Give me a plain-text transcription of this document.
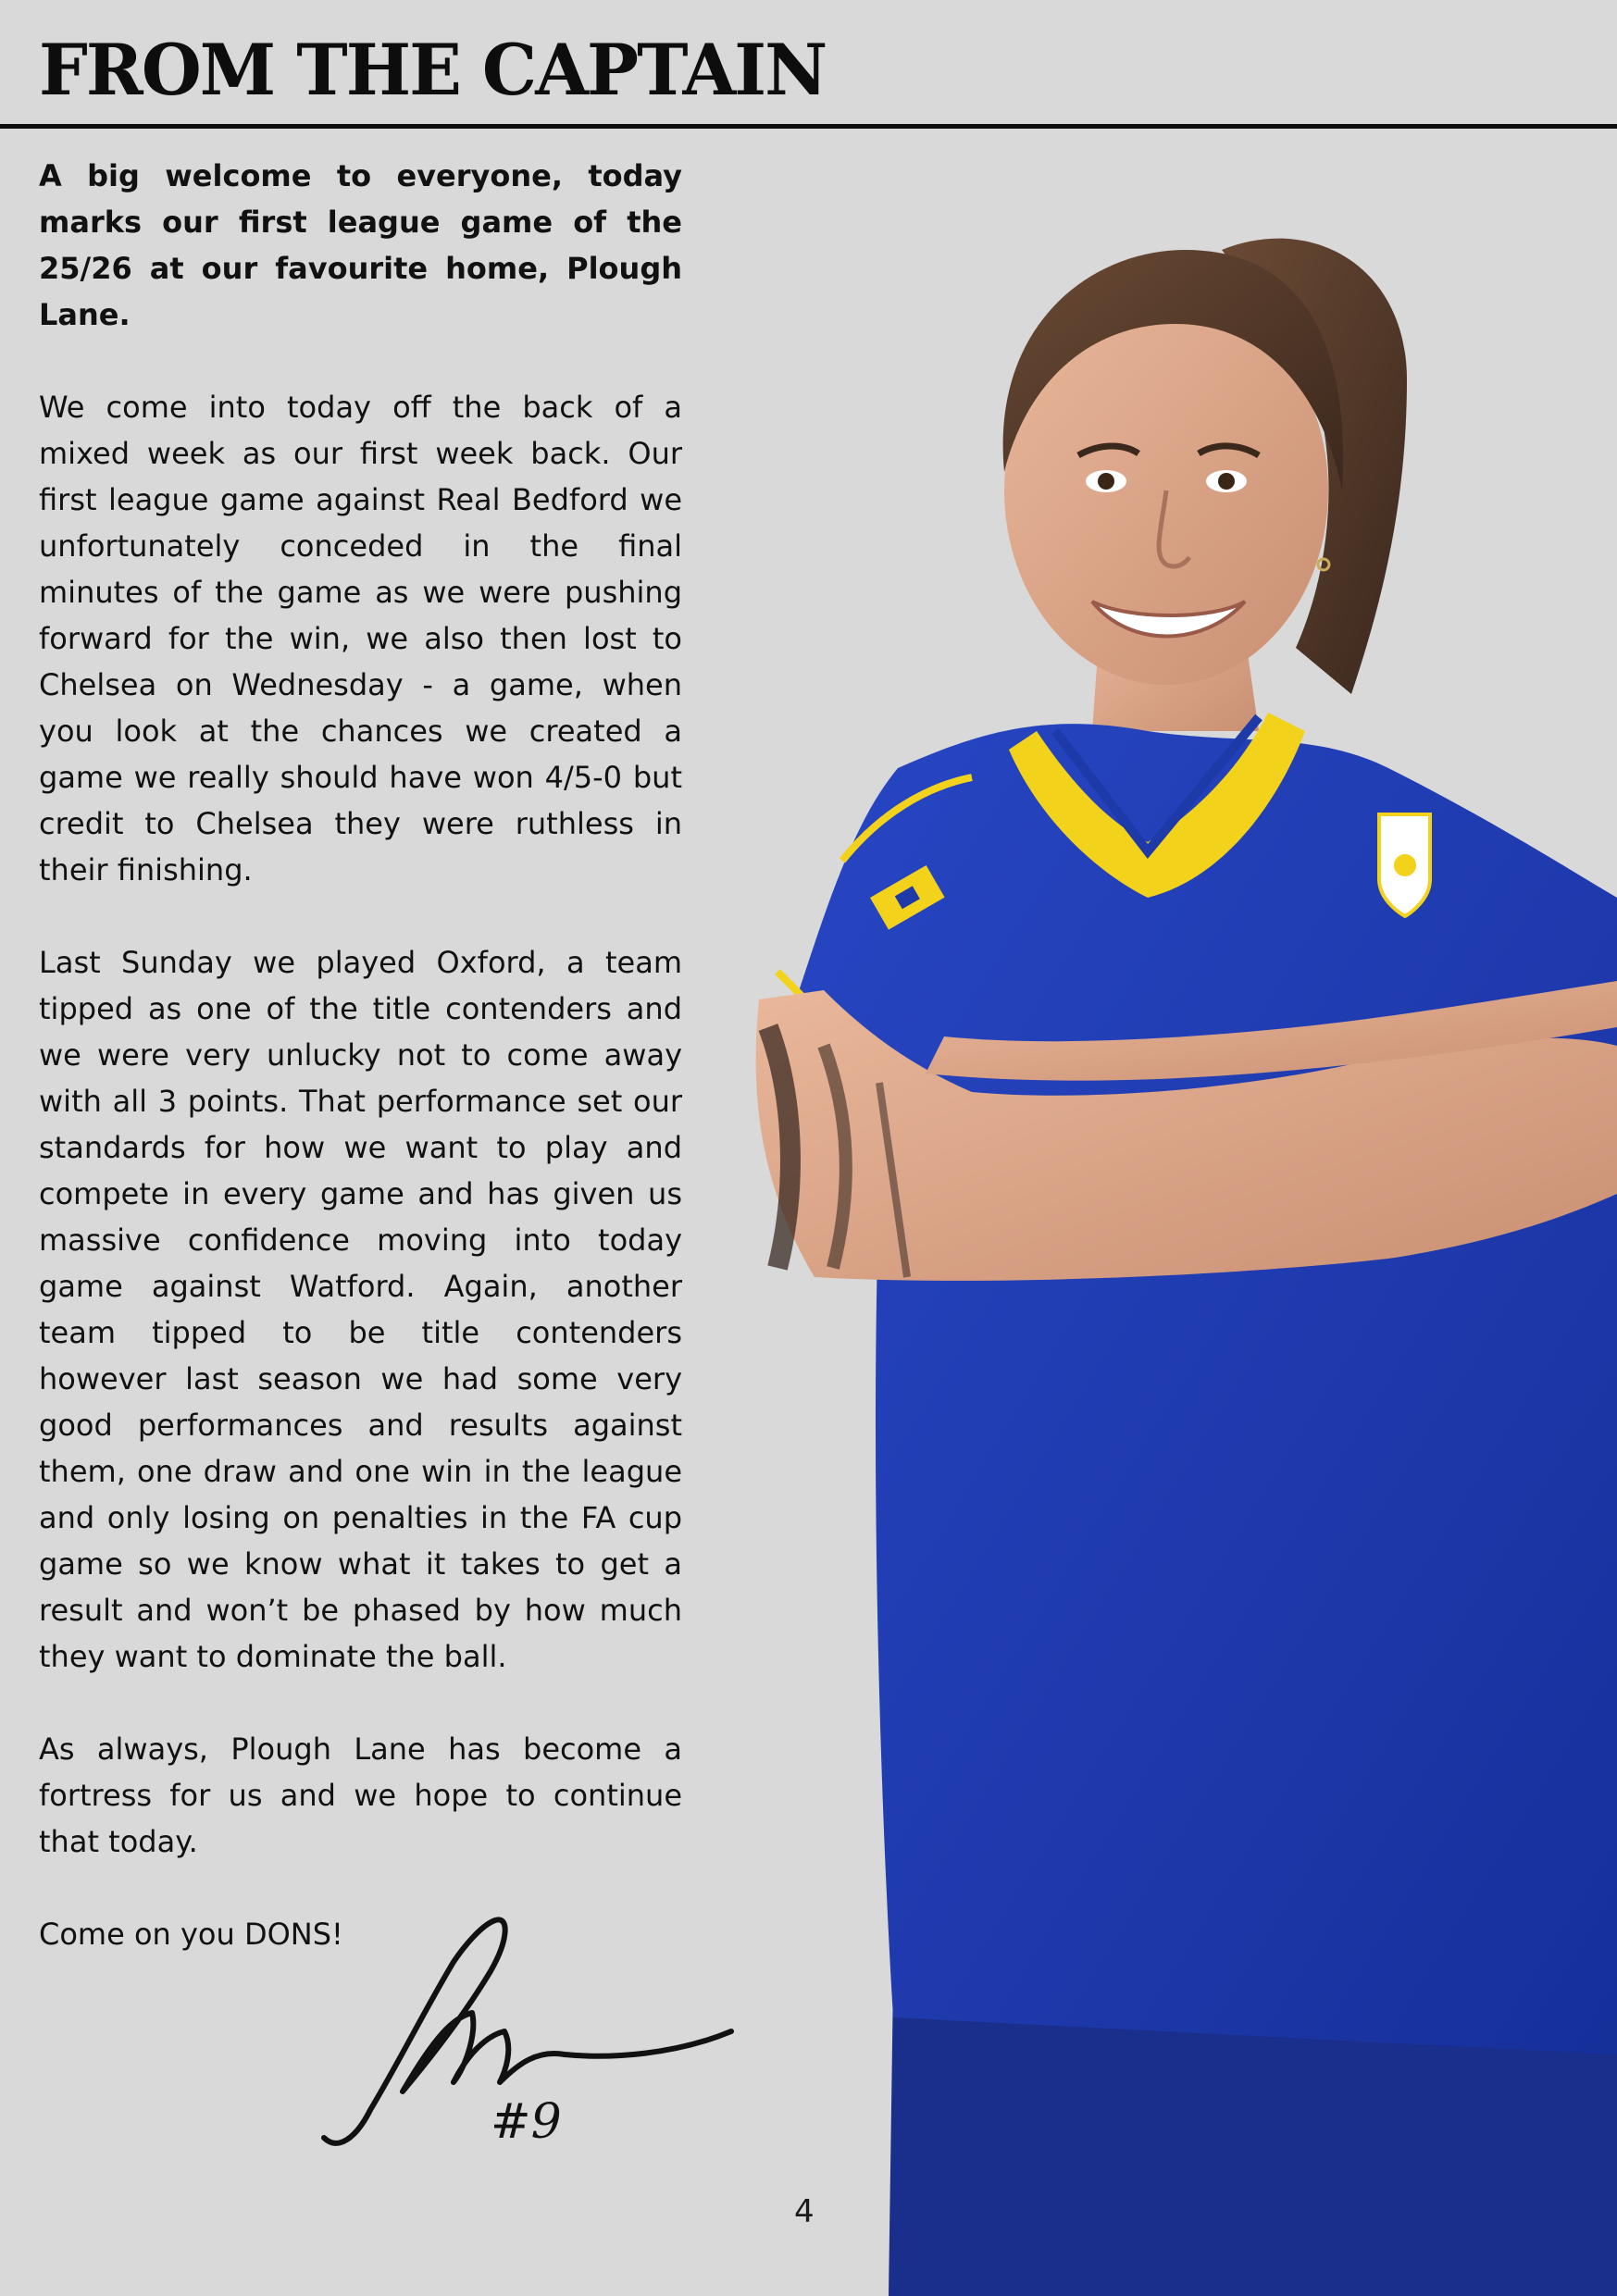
FROM THE CAPTAIN

A big welcome to everyone, today marks our first league game of the 25/26 at our favourite home, Plough Lane.

We come into today off the back of a mixed week as our first week back. Our first league game against Real Bedford we unfortunately conceded in the final minutes of the game as we were pushing forward for the win, we also then lost to Chelsea on Wednesday - a game, when you look at the chances we created a game we really should have won 4/5-0 but credit to Chelsea they were ruthless in their finishing.

Last Sunday we played Oxford, a team tipped as one of the title contenders and we were very unlucky not to come away with all 3 points. That performance set our standards for how we want to play and compete in every game and has given us massive confidence moving into today game against Watford. Again, another team tipped to be title contenders however last season we had some very good performances and results against them, one draw and one win in the league and only losing on penalties in the FA cup game so we know what it takes to get a result and won’t be phased by how much they want to dominate the ball.

As always, Plough Lane has become a fortress for us and we hope to continue that today.

Come on you DONS!

#9
4
